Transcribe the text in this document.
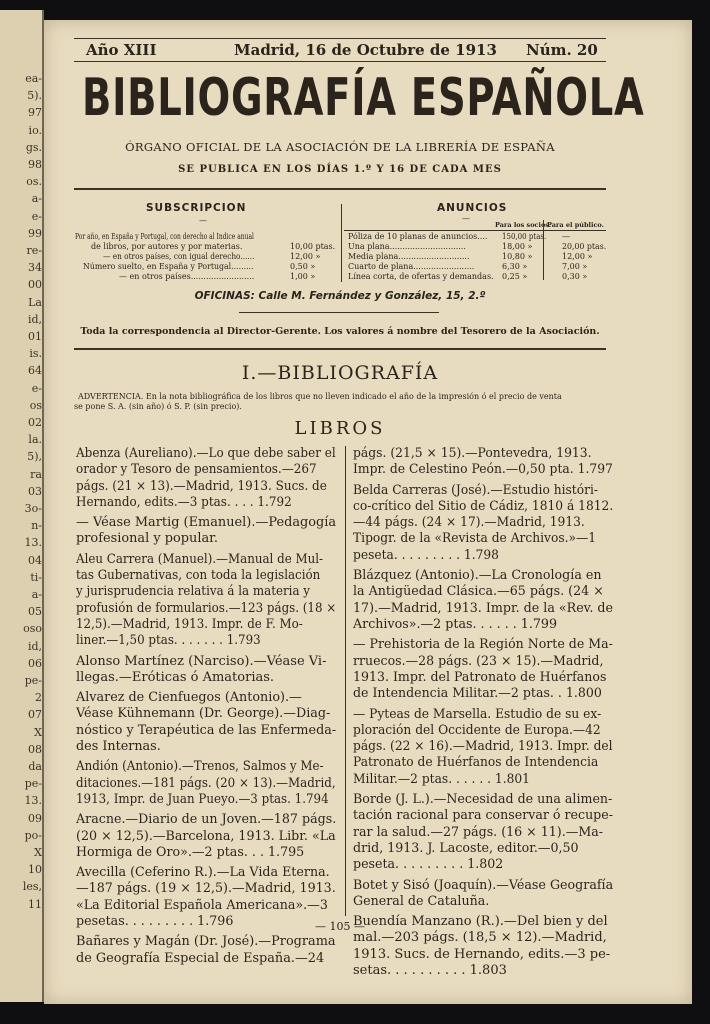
ea-
5).
97
io.
gs.
98
os.
a-
e-
99
re-
34
00
La
id,
01
is.
64
e-
os
02
la.
5),
ra
03
3o-
n-
13.
04
ti-
a-
05
oso
id,
06
pe-
2
07
X
08
da
pe-
13.
09
po-
X
10
les,
11
Año XIII	Madrid, 16 de Octubre de 1913 Núm. 20
BIBLIOGRAFÍA ESPAÑOLA
ÓRGANO OFICIAL DE LA ASOCIACIÓN DE LA LIBRERÍA DE ESPAÑA
SE PUBLICA EN LOS DÍAS 1.º Y 16 DE CADA MES
SUBSCRIPCION
—
ANUNCIOS
—
Por año, en España y Portugal, con derecho al Índice anual
de libros, por autores y por materias.	10,00 ptas.
— en otros países, con igual derecho......	12,00 »
Número suelto, en España y Portugal.........	0,50 »
— en otros países.........................	1,00 »
Póliza de 10 planas de anuncios.... 150,00 ptas. —
Una plana..............................	18,00 »	20,00 ptas.
Media plana............................	10,80 »	12,00 »
Cuarto de plana........................	6,30 »	7,00 »
Línea corta, de ofertas y demandas. 0,25 »	0,30 »
Para los socios.
Para el público.
OFICINAS: Calle M. Fernández y González, 15, 2.º
Toda la correspondencia al Director-Gerente. Los valores á nombre del Tesorero de la Asociación.
I.—BIBLIOGRAFÍA
ADVERTENCIA. En la nota bibliográfica de los libros que no lleven indicado el año de la impresión ó el precio de venta
se pone S. A. (sin año) ó S. P. (sin precio).
LIBROS
Abenza (Aureliano).—Lo que debe saber el
orador y Tesoro de pensamientos.—267
págs. (21 × 13).—Madrid, 1913. Sucs. de
Hernando, edits.—3 ptas. . . . 1.792
— Véase Martig (Emanuel).—Pedagogía
profesional y popular.
Aleu Carrera (Manuel).—Manual de Mul-
tas Gubernativas, con toda la legislación
y jurisprudencia relativa á la materia y
profusión de formularios.—123 págs. (18 ×
12,5).—Madrid, 1913. Impr. de F. Mo-
liner.—1,50 ptas. . . . . . . 1.793
Alonso Martínez (Narciso).—Véase Vi-
llegas.—Eróticas ó Amatorias.
Alvarez de Cienfuegos (Antonio).—
Véase Kühnemann (Dr. George).—Diag-
nóstico y Terapéutica de las Enfermeda-
des Internas.
Andión (Antonio).—Trenos, Salmos y Me-
ditaciones.—181 págs. (20 × 13).—Madrid,
1913, Impr. de Juan Pueyo.—3 ptas. 1.794
Aracne.—Diario de un Joven.—187 págs.
(20 × 12,5).—Barcelona, 1913. Libr. «La
Hormiga de Oro».—2 ptas. . . 1.795
Avecilla (Ceferino R.).—La Vida Eterna.
—187 págs. (19 × 12,5).—Madrid, 1913.
«La Editorial Española Americana».—3
pesetas. . . . . . . . . 1.796
Bañares y Magán (Dr. José).—Programa
de Geografía Especial de España.—24
págs. (21,5 × 15).—Pontevedra, 1913.
Impr. de Celestino Peón.—0,50 pta. 1.797
Belda Carreras (José).—Estudio históri-
co-crítico del Sitio de Cádiz, 1810 á 1812.
—44 págs. (24 × 17).—Madrid, 1913.
Tipogr. de la «Revista de Archivos.»—1
peseta. . . . . . . . . 1.798
Blázquez (Antonio).—La Cronología en
la Antigüedad Clásica.—65 págs. (24 ×
17).—Madrid, 1913. Impr. de la «Rev. de
Archivos».—2 ptas. . . . . . 1.799
— Prehistoria de la Región Norte de Ma-
rruecos.—28 págs. (23 × 15).—Madrid,
1913. Impr. del Patronato de Huérfanos
de Intendencia Militar.—2 ptas. . 1.800
— Pyteas de Marsella. Estudio de su ex-
ploración del Occidente de Europa.—42
págs. (22 × 16).—Madrid, 1913. Impr. del
Patronato de Huérfanos de Intendencia
Militar.—2 ptas. . . . . . 1.801
Borde (J. L.).—Necesidad de una alimen-
tación racional para conservar ó recupe-
rar la salud.—27 págs. (16 × 11).—Ma-
drid, 1913. J. Lacoste, editor.—0,50
peseta. . . . . . . . . 1.802
Botet y Sisó (Joaquín).—Véase Geografía
General de Cataluña.
Buendía Manzano (R.).—Del bien y del
mal.—203 págs. (18,5 × 12).—Madrid,
1913. Sucs. de Hernando, edits.—3 pe-
setas. . . . . . . . . . 1.803
— 105 —
